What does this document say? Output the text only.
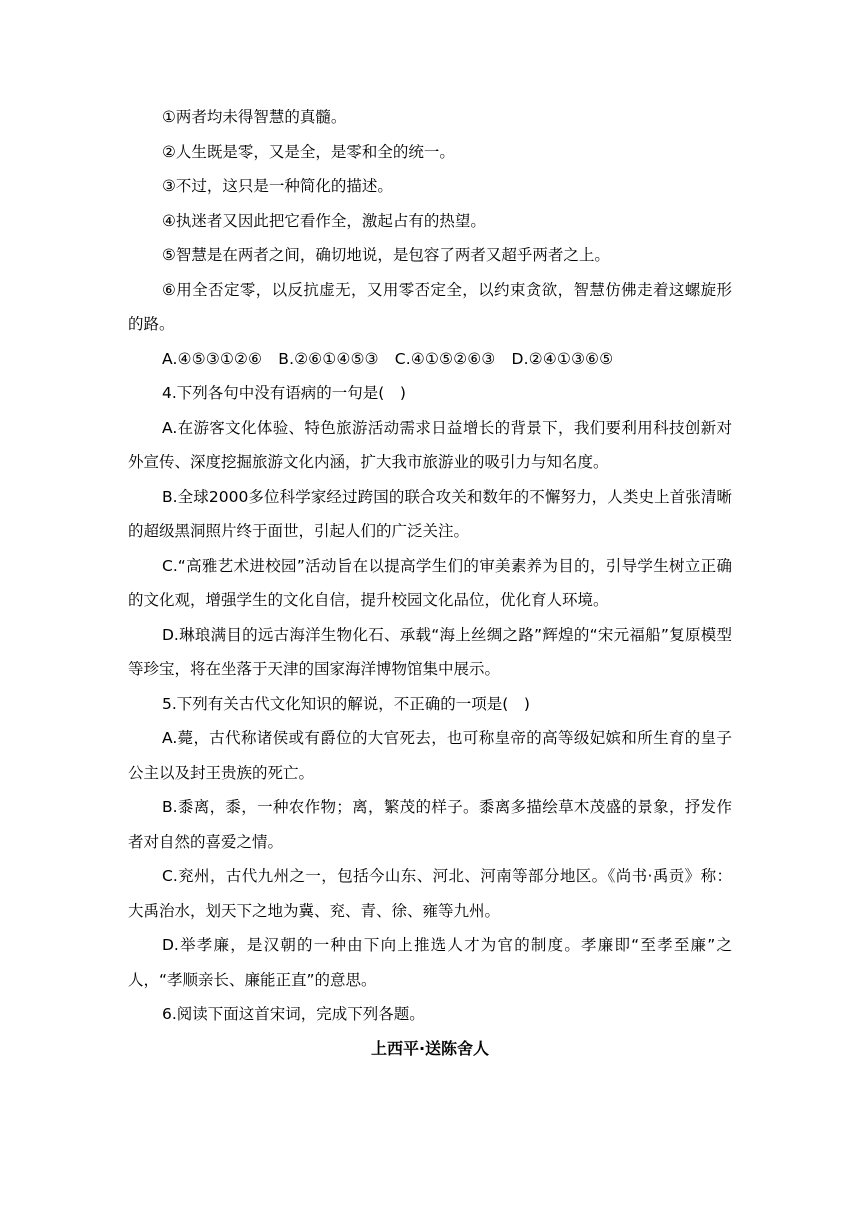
①两者均未得智慧的真髓。

②人生既是零，又是全，是零和全的统一。

③不过，这只是一种简化的描述。

④执迷者又因此把它看作全，激起占有的热望。

⑤智慧是在两者之间，确切地说，是包容了两者又超乎两者之上。

⑥用全否定零，以反抗虚无，又用零否定全，以约束贪欲，智慧仿佛走着这螺旋形的路。

A.④⑤③①②⑥ B.②⑥①④⑤③ C.④①⑤②⑥③ D.②④①③⑥⑤

4.下列各句中没有语病的一句是(　)

A.在游客文化体验、特色旅游活动需求日益增长的背景下，我们要利用科技创新对外宣传、深度挖掘旅游文化内涵，扩大我市旅游业的吸引力与知名度。

B.全球2000多位科学家经过跨国的联合攻关和数年的不懈努力，人类史上首张清晰的超级黑洞照片终于面世，引起人们的广泛关注。

C.“高雅艺术进校园”活动旨在以提高学生们的审美素养为目的，引导学生树立正确的文化观，增强学生的文化自信，提升校园文化品位，优化育人环境。

D.琳琅满目的远古海洋生物化石、承载“海上丝绸之路”辉煌的“宋元福船”复原模型等珍宝，将在坐落于天津的国家海洋博物馆集中展示。

5.下列有关古代文化知识的解说，不正确的一项是(　)

A.薨，古代称诸侯或有爵位的大官死去，也可称皇帝的高等级妃嫔和所生育的皇子公主以及封王贵族的死亡。

B.黍离，黍，一种农作物；离，繁茂的样子。黍离多描绘草木茂盛的景象，抒发作者对自然的喜爱之情。

C.兖州，古代九州之一，包括今山东、河北、河南等部分地区。《尚书·禹贡》称：大禹治水，划天下之地为冀、兖、青、徐、雍等九州。

D.举孝廉，是汉朝的一种由下向上推选人才为官的制度。孝廉即“至孝至廉”之人，“孝顺亲长、廉能正直”的意思。

6.阅读下面这首宋词，完成下列各题。

上西平·送陈舍人
